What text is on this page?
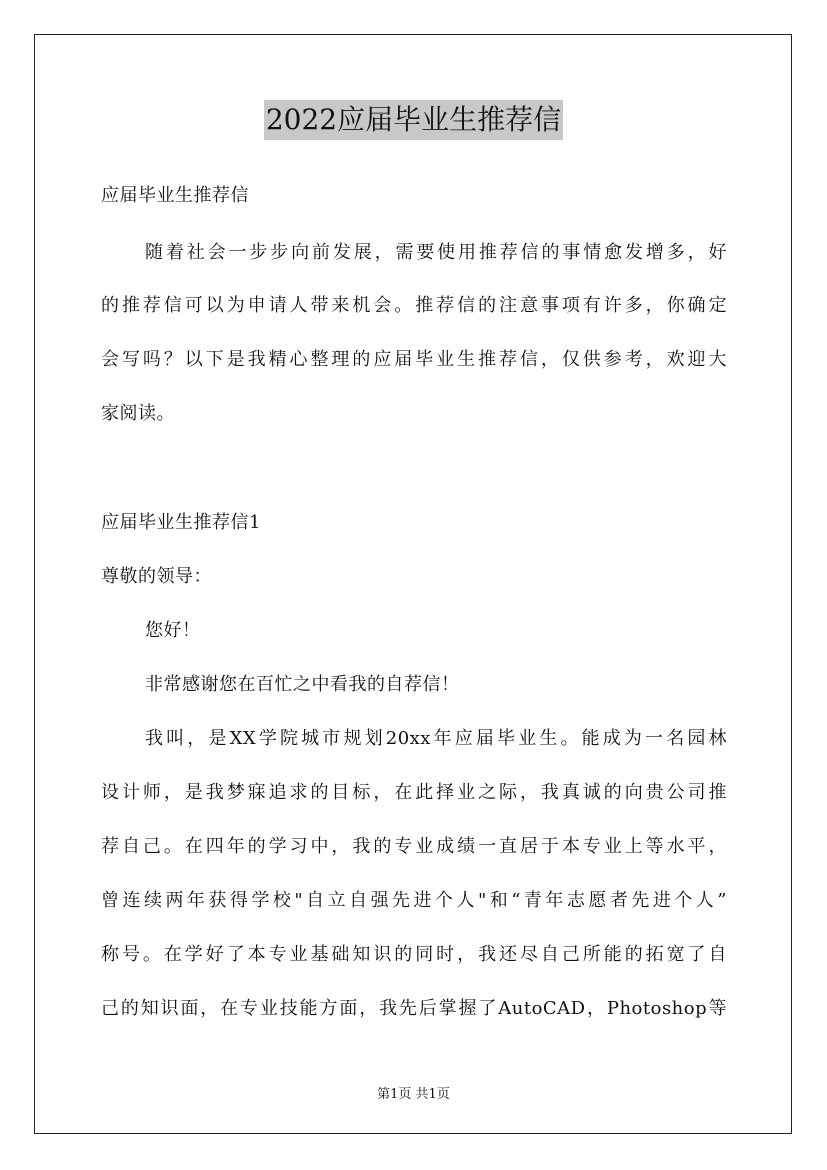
2022应届毕业生推荐信
应届毕业生推荐信
随着社会一步步向前发展，需要使用推荐信的事情愈发增多，好
的推荐信可以为申请人带来机会。推荐信的注意事项有许多，你确定
会写吗？以下是我精心整理的应届毕业生推荐信，仅供参考，欢迎大
家阅读。
应届毕业生推荐信1
尊敬的领导：
您好！
非常感谢您在百忙之中看我的自荐信！
我叫，是XX学院城市规划20xx年应届毕业生。能成为一名园林
设计师，是我梦寐追求的目标，在此择业之际，我真诚的向贵公司推
荐自己。在四年的学习中，我的专业成绩一直居于本专业上等水平，
曾连续两年获得学校"自立自强先进个人"和“青年志愿者先进个人”
称号。在学好了本专业基础知识的同时，我还尽自己所能的拓宽了自
己的知识面，在专业技能方面，我先后掌握了AutoCAD，Photoshop等
第1页 共1页
